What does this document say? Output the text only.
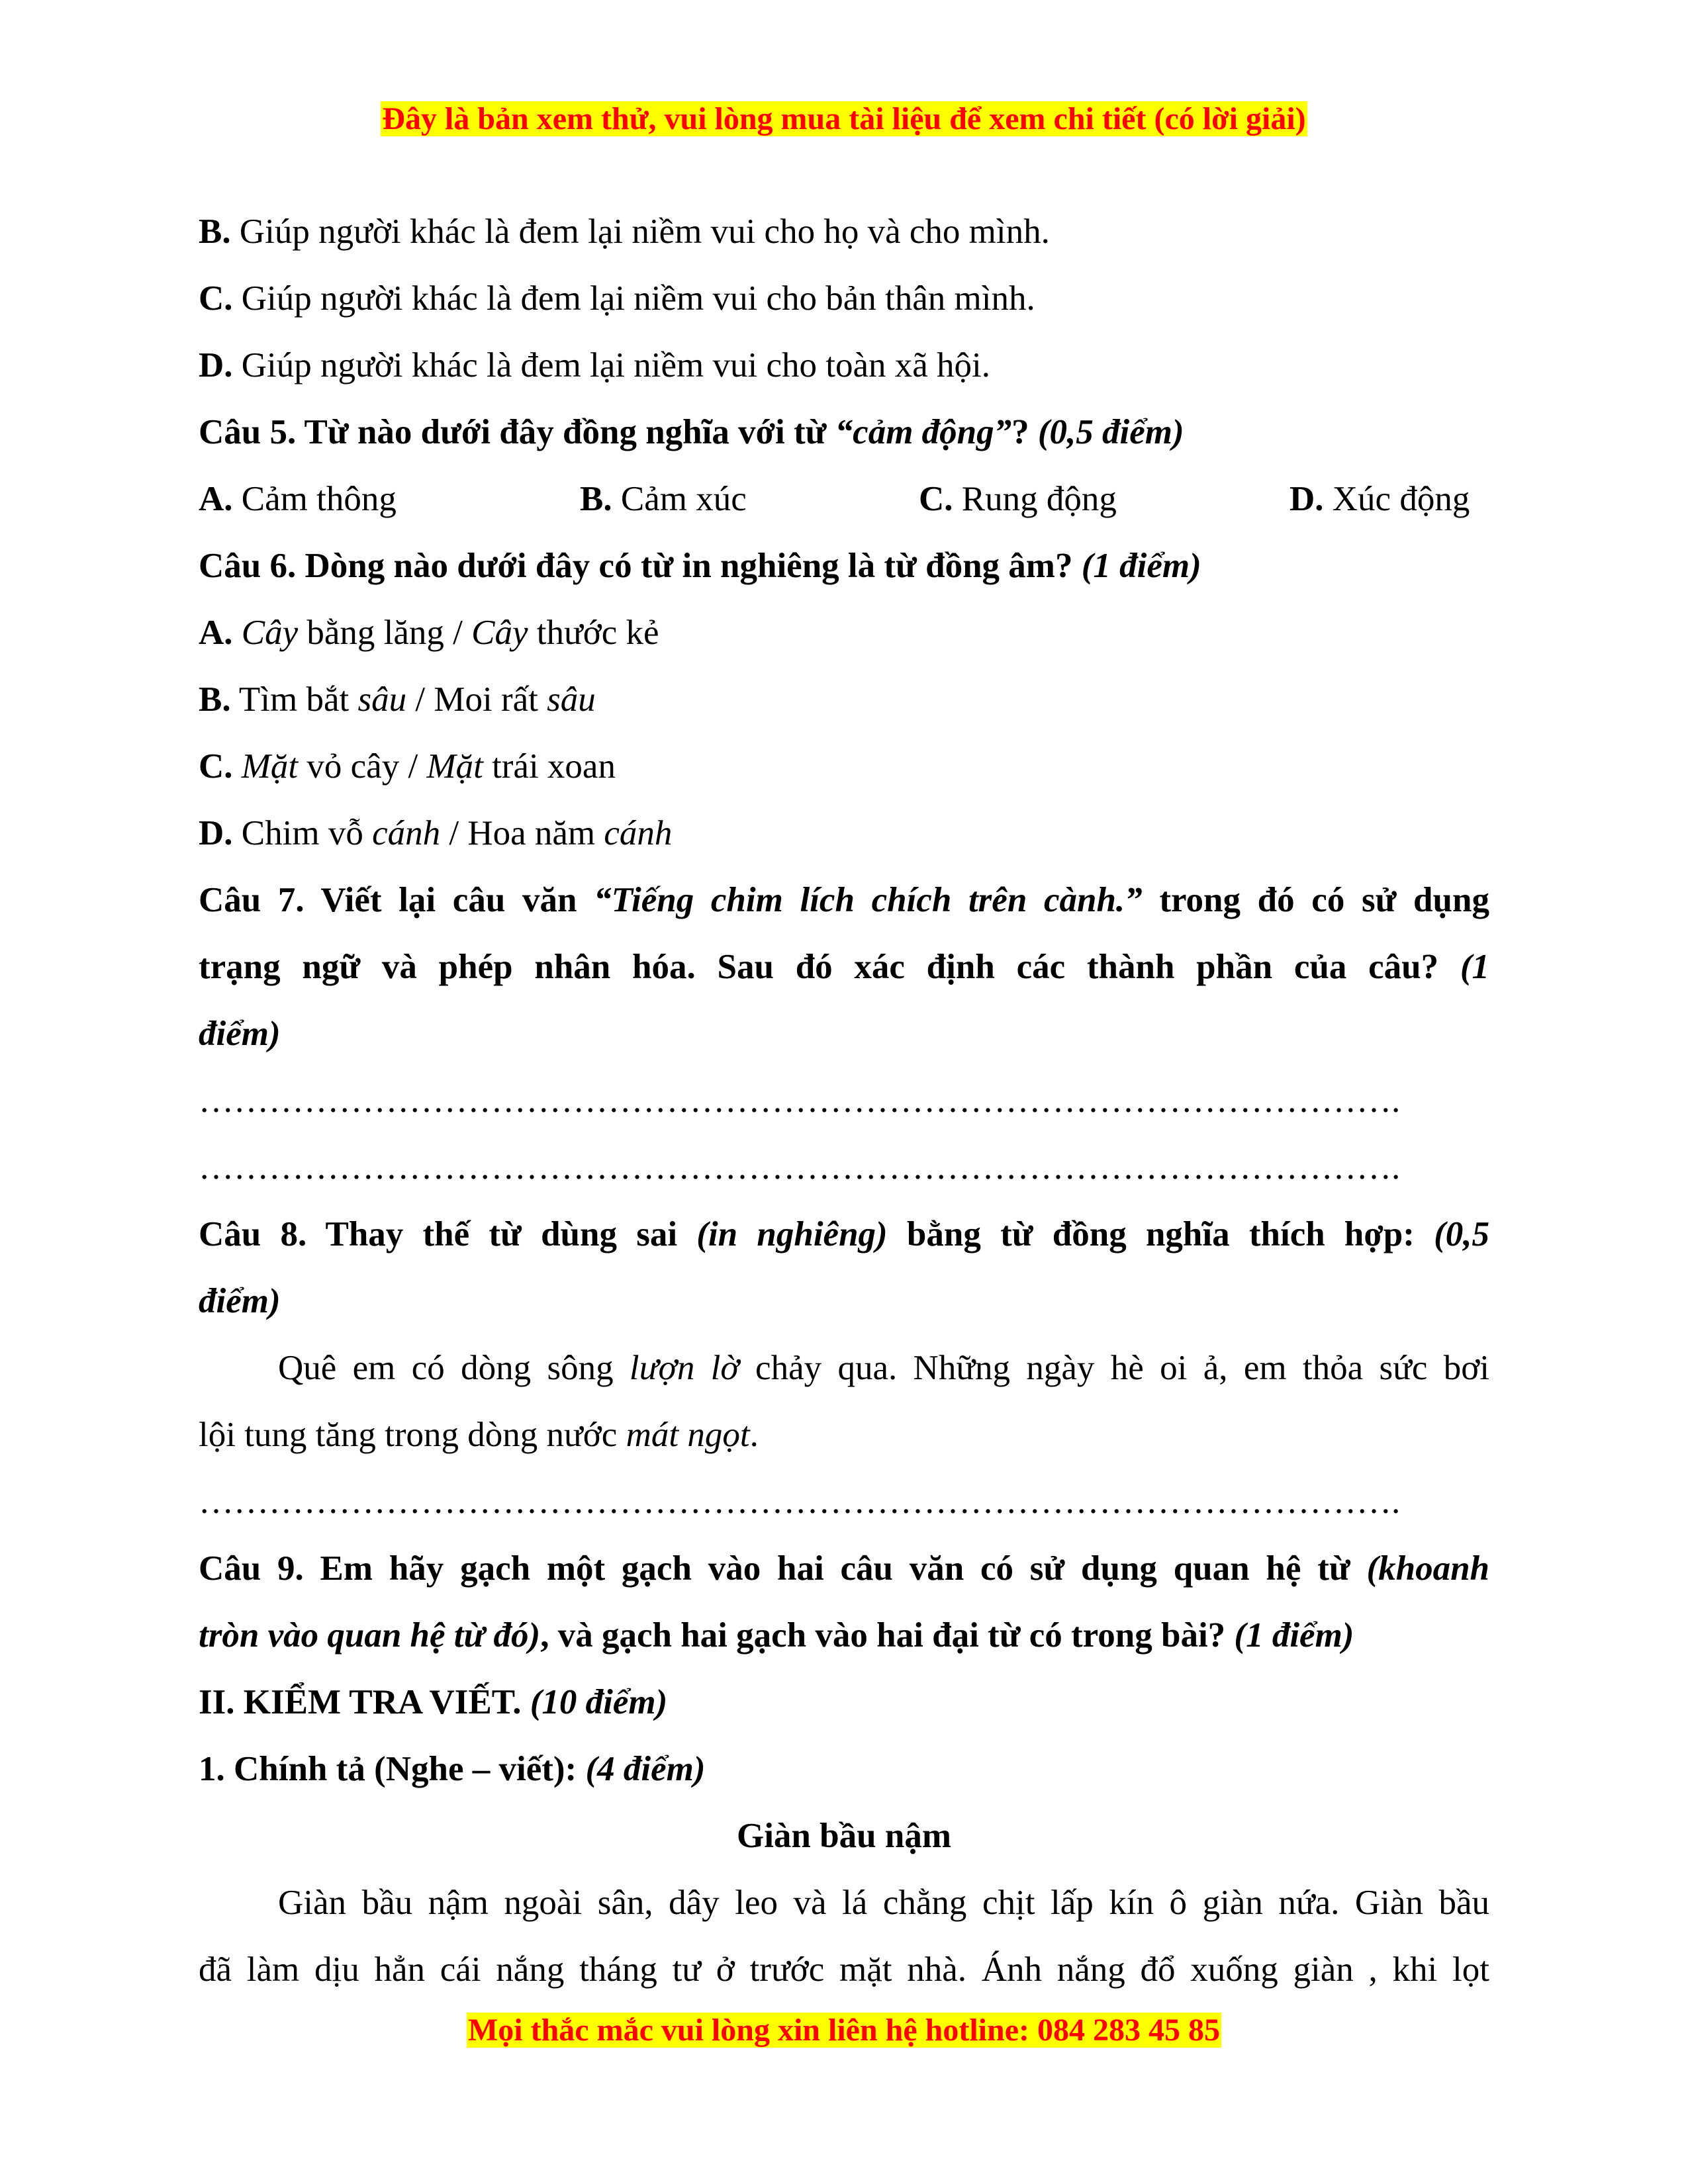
Đây là bản xem thử, vui lòng mua tài liệu để xem chi tiết (có lời giải)
B. Giúp người khác là đem lại niềm vui cho họ và cho mình.
C. Giúp người khác là đem lại niềm vui cho bản thân mình.
D. Giúp người khác là đem lại niềm vui cho toàn xã hội.
Câu 5. Từ nào dưới đây đồng nghĩa với từ “cảm động”? (0,5 điểm)
A. Cảm thông	B. Cảm xúc	C. Rung động	D. Xúc động
Câu 6. Dòng nào dưới đây có từ in nghiêng là từ đồng âm? (1 điểm)
A. Cây bằng lăng / Cây thước kẻ
B. Tìm bắt sâu / Moi rất sâu
C. Mặt vỏ cây / Mặt trái xoan
D. Chim vỗ cánh / Hoa năm cánh
Câu 7. Viết lại câu văn “Tiếng chim lích chích trên cành.” trong đó có sử dụng
trạng ngữ và phép nhân hóa. Sau đó xác định các thành phần của câu? (1
điểm)
………………………………………………………………………………………….
………………………………………………………………………………………….
Câu 8. Thay thế từ dùng sai (in nghiêng) bằng từ đồng nghĩa thích hợp: (0,5
điểm)
Quê em có dòng sông lượn lờ chảy qua. Những ngày hè oi ả, em thỏa sức bơi
lội tung tăng trong dòng nước mát ngọt.
………………………………………………………………………………………….
Câu 9. Em hãy gạch một gạch vào hai câu văn có sử dụng quan hệ từ (khoanh
tròn vào quan hệ từ đó), và gạch hai gạch vào hai đại từ có trong bài? (1 điểm)
II. KIỂM TRA VIẾT. (10 điểm)
1. Chính tả (Nghe – viết): (4 điểm)
Giàn bầu nậm
Giàn bầu nậm ngoài sân, dây leo và lá chằng chịt lấp kín ô giàn nứa. Giàn bầu
đã làm dịu hẳn cái nắng tháng tư ở trước mặt nhà. Ánh nắng đổ xuống giàn , khi lọt
Mọi thắc mắc vui lòng xin liên hệ hotline: 084 283 45 85
